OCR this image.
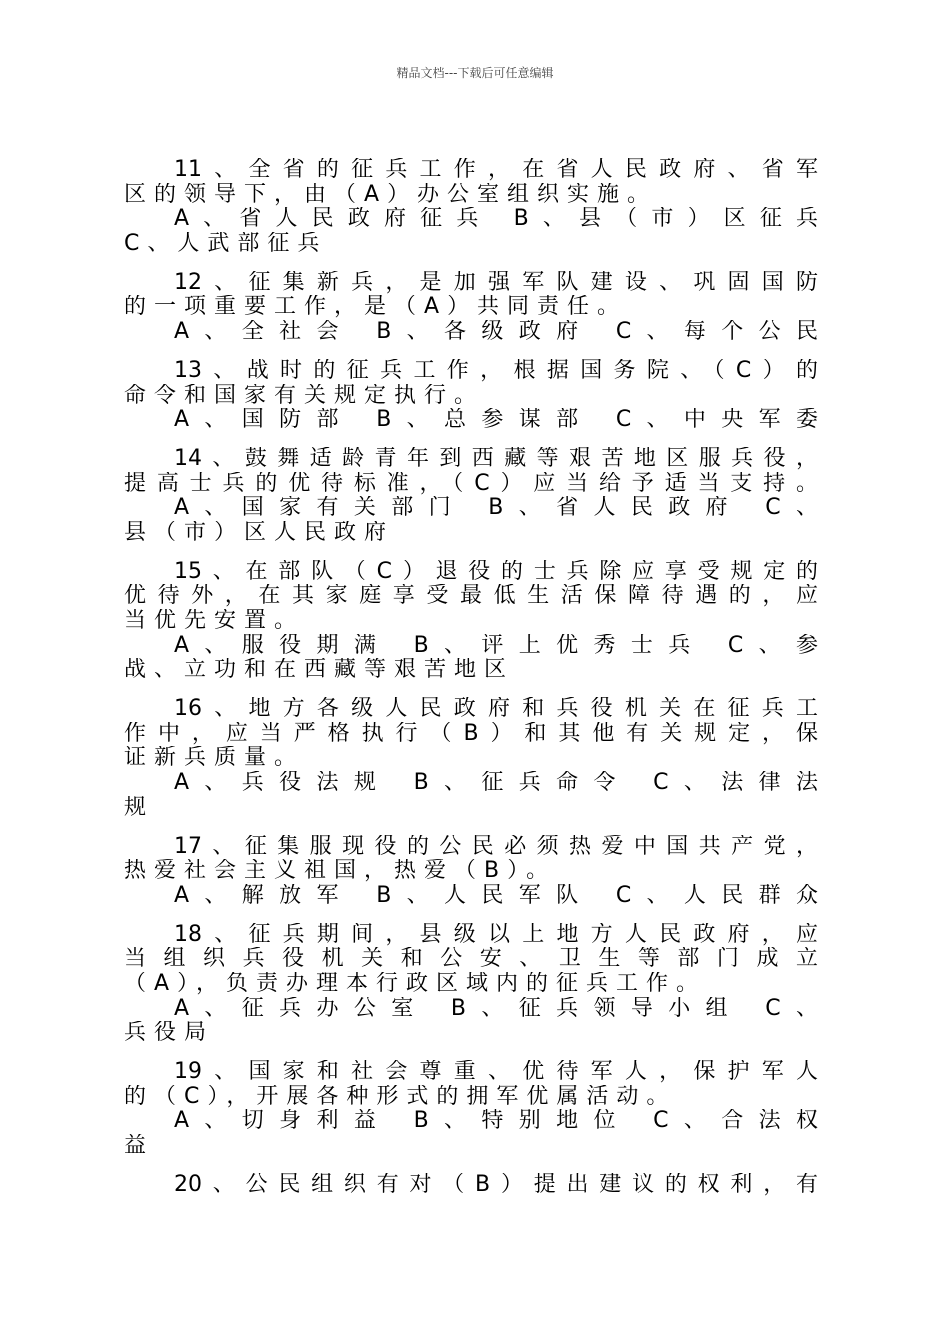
精品文档---下载后可任意编辑
11、全省的征兵工作，在省人民政府、省军
区的领导下，由（A）办公室组织实施。
A、省人民政府征兵 B、县（市）区征兵
C、人武部征兵
12、征集新兵，是加强军队建设、巩固国防
的一项重要工作，是（A）共同责任。
A、全社会 B、各级政府 C、每个公民
13、战时的征兵工作，根据国务院、（C）的
命令和国家有关规定执行。
A、国防部 B、总参谋部 C、中央军委
14、鼓舞适龄青年到西藏等艰苦地区服兵役，
提高士兵的优待标准，（C）应当给予适当支持。
A、国家有关部门 B、省人民政府 C、
县（市）区人民政府
15、在部队（C）退役的士兵除应享受规定的
优待外，在其家庭享受最低生活保障待遇的，应
当优先安置。
A、服役期满 B、评上优秀士兵 C、参
战、立功和在西藏等艰苦地区
16、地方各级人民政府和兵役机关在征兵工
作中，应当严格执行（B）和其他有关规定，保
证新兵质量。
A、兵役法规 B、征兵命令 C、法律法
规
17、征集服现役的公民必须热爱中国共产党，
热爱社会主义祖国，热爱（B）。
A、解放军 B、人民军队 C、人民群众
18、征兵期间，县级以上地方人民政府，应
当组织兵役机关和公安、卫生等部门成立
（A），负责办理本行政区域内的征兵工作。
A、征兵办公室 B、征兵领导小组 C、
兵役局
19、国家和社会尊重、优待军人，保护军人
的（C），开展各种形式的拥军优属活动。
A、切身利益 B、特别地位 C、合法权
益
20、公民组织有对（B）提出建议的权利，有
